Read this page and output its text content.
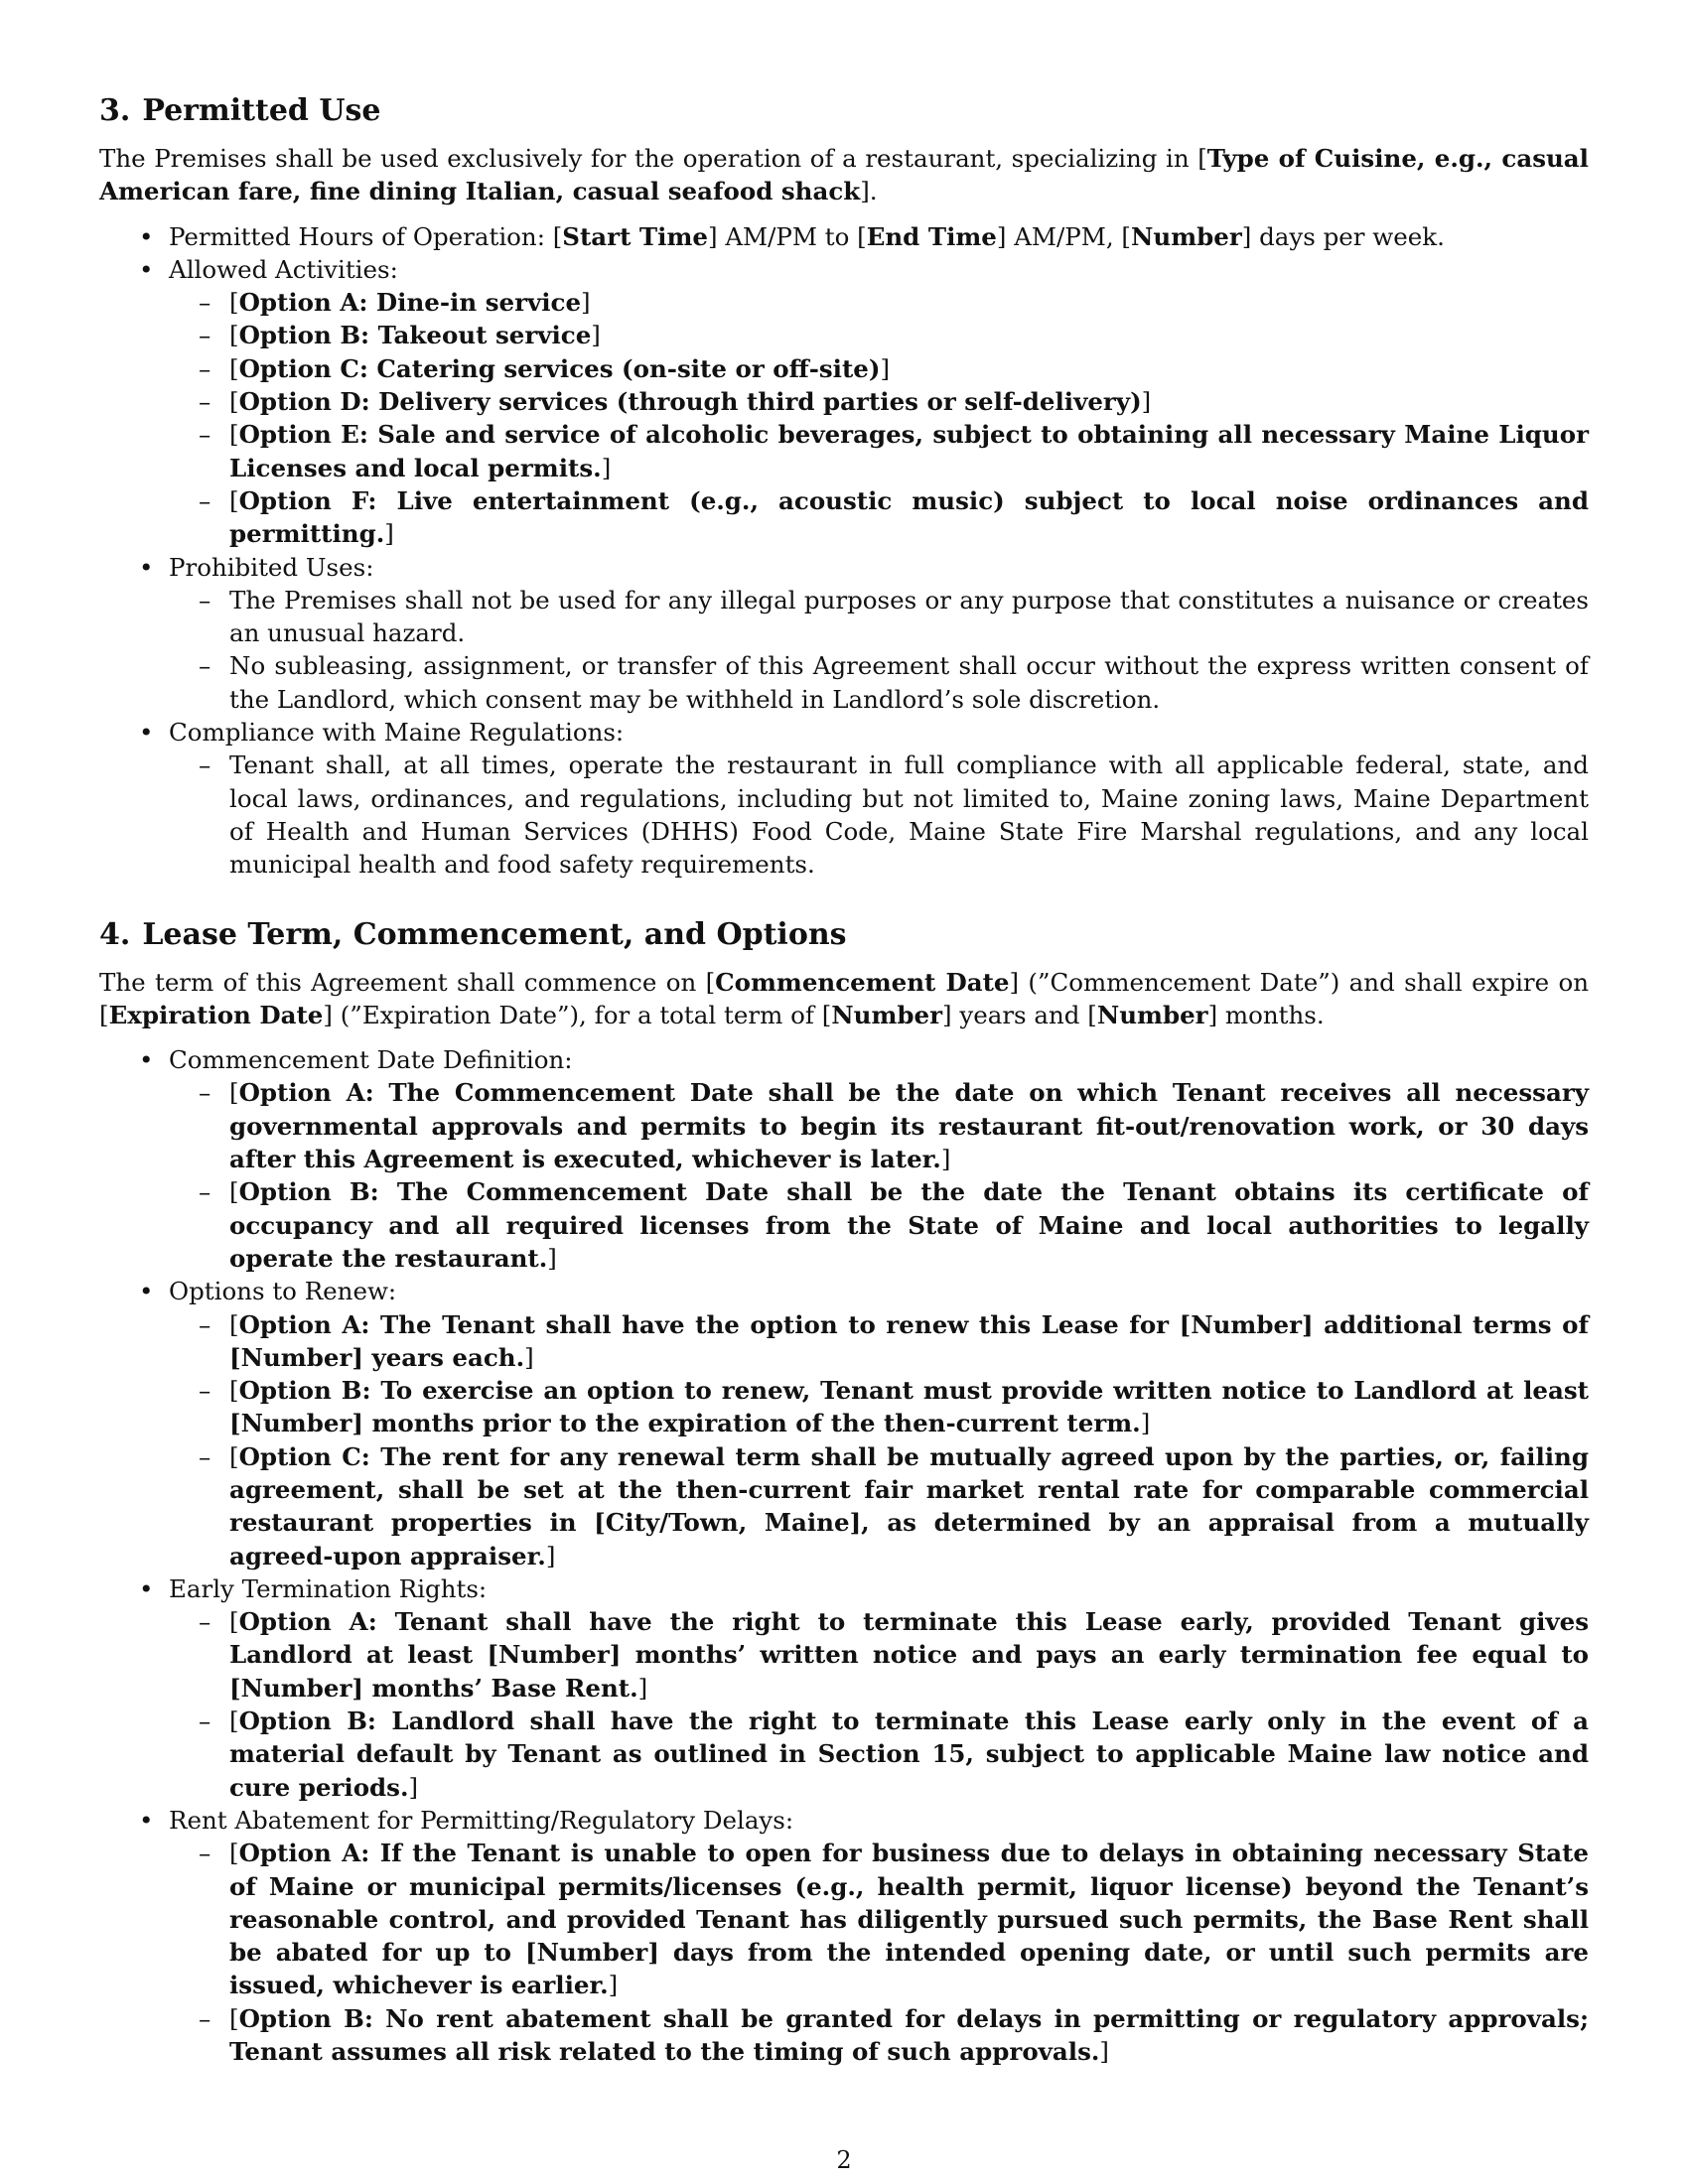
3. Permitted Use

The Premises shall be used exclusively for the operation of a restaurant, specializing in [Type of Cuisine, e.g., casual American fare, fine dining Italian, casual seafood shack].

• Permitted Hours of Operation: [Start Time] AM/PM to [End Time] AM/PM, [Number] days per week.
• Allowed Activities:
– [Option A: Dine-in service]
– [Option B: Takeout service]
– [Option C: Catering services (on-site or off-site)]
– [Option D: Delivery services (through third parties or self-delivery)]
– [Option E: Sale and service of alcoholic beverages, subject to obtaining all necessary Maine Liquor Licenses and local permits.]
– [Option F: Live entertainment (e.g., acoustic music) subject to local noise ordinances and permitting.]
• Prohibited Uses:
– The Premises shall not be used for any illegal purposes or any purpose that constitutes a nuisance or creates an unusual hazard.
– No subleasing, assignment, or transfer of this Agreement shall occur without the express written consent of the Landlord, which consent may be withheld in Landlord’s sole discretion.
• Compliance with Maine Regulations:
– Tenant shall, at all times, operate the restaurant in full compliance with all applicable federal, state, and local laws, ordinances, and regulations, including but not limited to, Maine zoning laws, Maine Department of Health and Human Services (DHHS) Food Code, Maine State Fire Marshal regulations, and any local municipal health and food safety requirements.
4. Lease Term, Commencement, and Options

The term of this Agreement shall commence on [Commencement Date] (”Commencement Date”) and shall expire on [Expiration Date] (”Expiration Date”), for a total term of [Number] years and [Number] months.

• Commencement Date Definition:
– [Option A: The Commencement Date shall be the date on which Tenant receives all necessary governmental approvals and permits to begin its restaurant fit-out/renovation work, or 30 days after this Agreement is executed, whichever is later.]
– [Option B: The Commencement Date shall be the date the Tenant obtains its certificate of occupancy and all required licenses from the State of Maine and local authorities to legally operate the restaurant.]
• Options to Renew:
– [Option A: The Tenant shall have the option to renew this Lease for [Number] additional terms of [Number] years each.]
– [Option B: To exercise an option to renew, Tenant must provide written notice to Landlord at least [Number] months prior to the expiration of the then-current term.]
– [Option C: The rent for any renewal term shall be mutually agreed upon by the parties, or, failing agreement, shall be set at the then-current fair market rental rate for comparable commercial restaurant properties in [City/Town, Maine], as determined by an appraisal from a mutually agreed-upon appraiser.]
• Early Termination Rights:
– [Option A: Tenant shall have the right to terminate this Lease early, provided Tenant gives Landlord at least [Number] months’ written notice and pays an early termination fee equal to [Number] months’ Base Rent.]
– [Option B: Landlord shall have the right to terminate this Lease early only in the event of a material default by Tenant as outlined in Section 15, subject to applicable Maine law notice and cure periods.]
• Rent Abatement for Permitting/Regulatory Delays:
– [Option A: If the Tenant is unable to open for business due to delays in obtaining necessary State of Maine or municipal permits/licenses (e.g., health permit, liquor license) beyond the Tenant’s reasonable control, and provided Tenant has diligently pursued such permits, the Base Rent shall be abated for up to [Number] days from the intended opening date, or until such permits are issued, whichever is earlier.]
– [Option B: No rent abatement shall be granted for delays in permitting or regulatory approvals; Tenant assumes all risk related to the timing of such approvals.]
2
